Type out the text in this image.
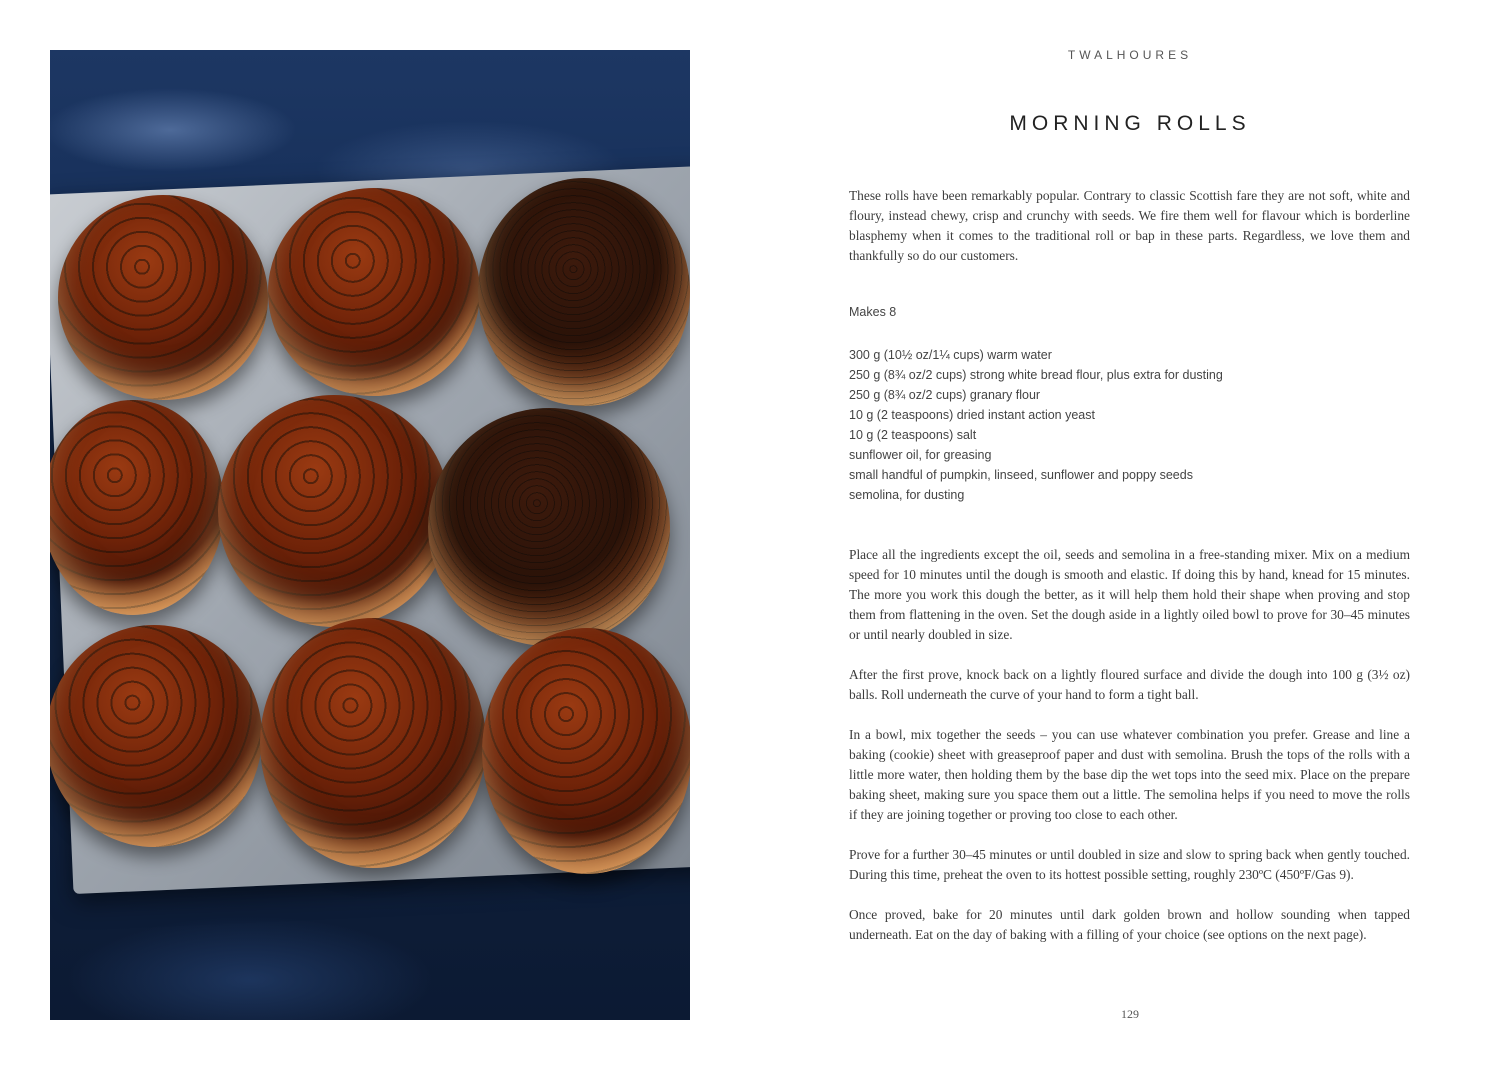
TWALHOURES
MORNING ROLLS

These rolls have been remarkably popular. Contrary to classic Scottish fare they are not soft, white and floury, instead chewy, crisp and crunchy with seeds. We fire them well for flavour which is borderline blasphemy when it comes to the traditional roll or bap in these parts. Regardless, we love them and thankfully so do our customers.

Makes 8
300 g (10½ oz/1¼ cups) warm water
250 g (8¾ oz/2 cups) strong white bread flour, plus extra for dusting
250 g (8¾ oz/2 cups) granary flour
10 g (2 teaspoons) dried instant action yeast
10 g (2 teaspoons) salt
sunflower oil, for greasing
small handful of pumpkin, linseed, sunflower and poppy seeds
semolina, for dusting

Place all the ingredients except the oil, seeds and semolina in a free-standing mixer. Mix on a medium speed for 10 minutes until the dough is smooth and elastic. If doing this by hand, knead for 15 minutes. The more you work this dough the better, as it will help them hold their shape when proving and stop them from flattening in the oven. Set the dough aside in a lightly oiled bowl to prove for 30–45 minutes or until nearly doubled in size.

After the first prove, knock back on a lightly floured surface and divide the dough into 100 g (3½ oz) balls. Roll underneath the curve of your hand to form a tight ball.

In a bowl, mix together the seeds – you can use whatever combination you prefer. Grease and line a baking (cookie) sheet with greaseproof paper and dust with semolina. Brush the tops of the rolls with a little more water, then holding them by the base dip the wet tops into the seed mix. Place on the prepare baking sheet, making sure you space them out a little. The semolina helps if you need to move the rolls if they are joining together or proving too close to each other.

Prove for a further 30–45 minutes or until doubled in size and slow to spring back when gently touched. During this time, preheat the oven to its hottest possible setting, roughly 230ºC (450ºF/Gas 9).

Once proved, bake for 20 minutes until dark golden brown and hollow sounding when tapped underneath. Eat on the day of baking with a filling of your choice (see options on the next page).

129
